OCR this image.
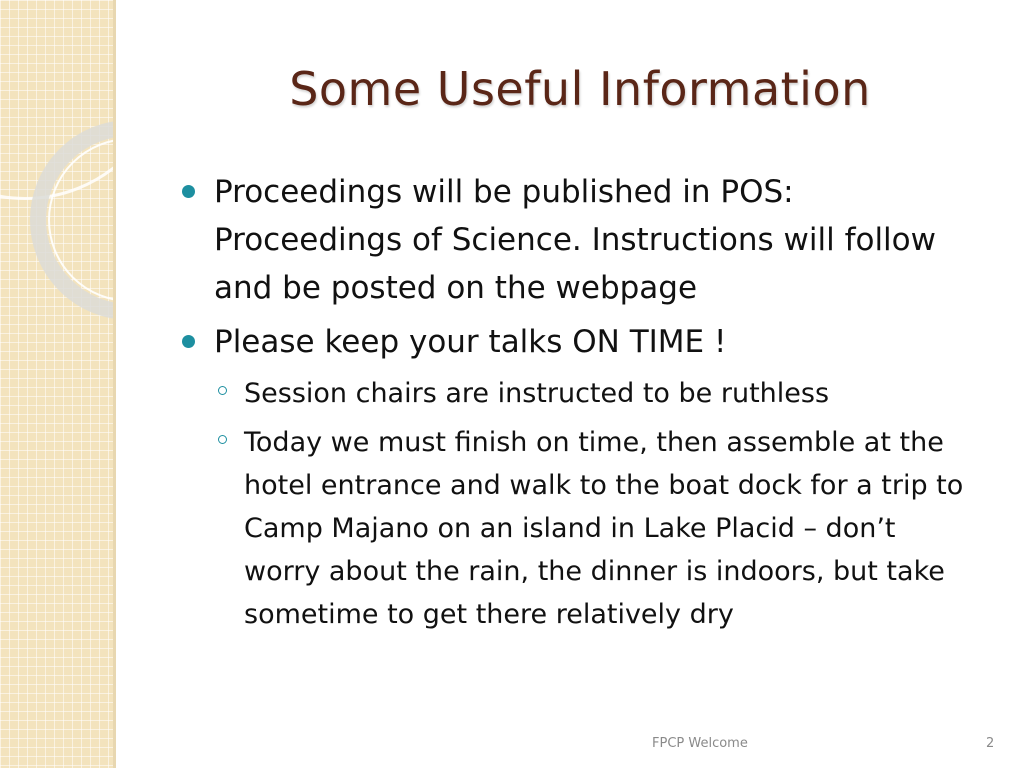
Some Useful Information
Proceedings will be published in POS: Proceedings of Science. Instructions will follow and be posted on the webpage
Please keep your talks ON TIME !
Session chairs are instructed to be ruthless
Today we must finish on time, then assemble at the hotel entrance and walk to the boat dock for a trip to Camp Majano on an island in Lake Placid – don’t worry about the rain, the dinner is indoors, but take sometime to get there relatively dry
FPCP Welcome	2
